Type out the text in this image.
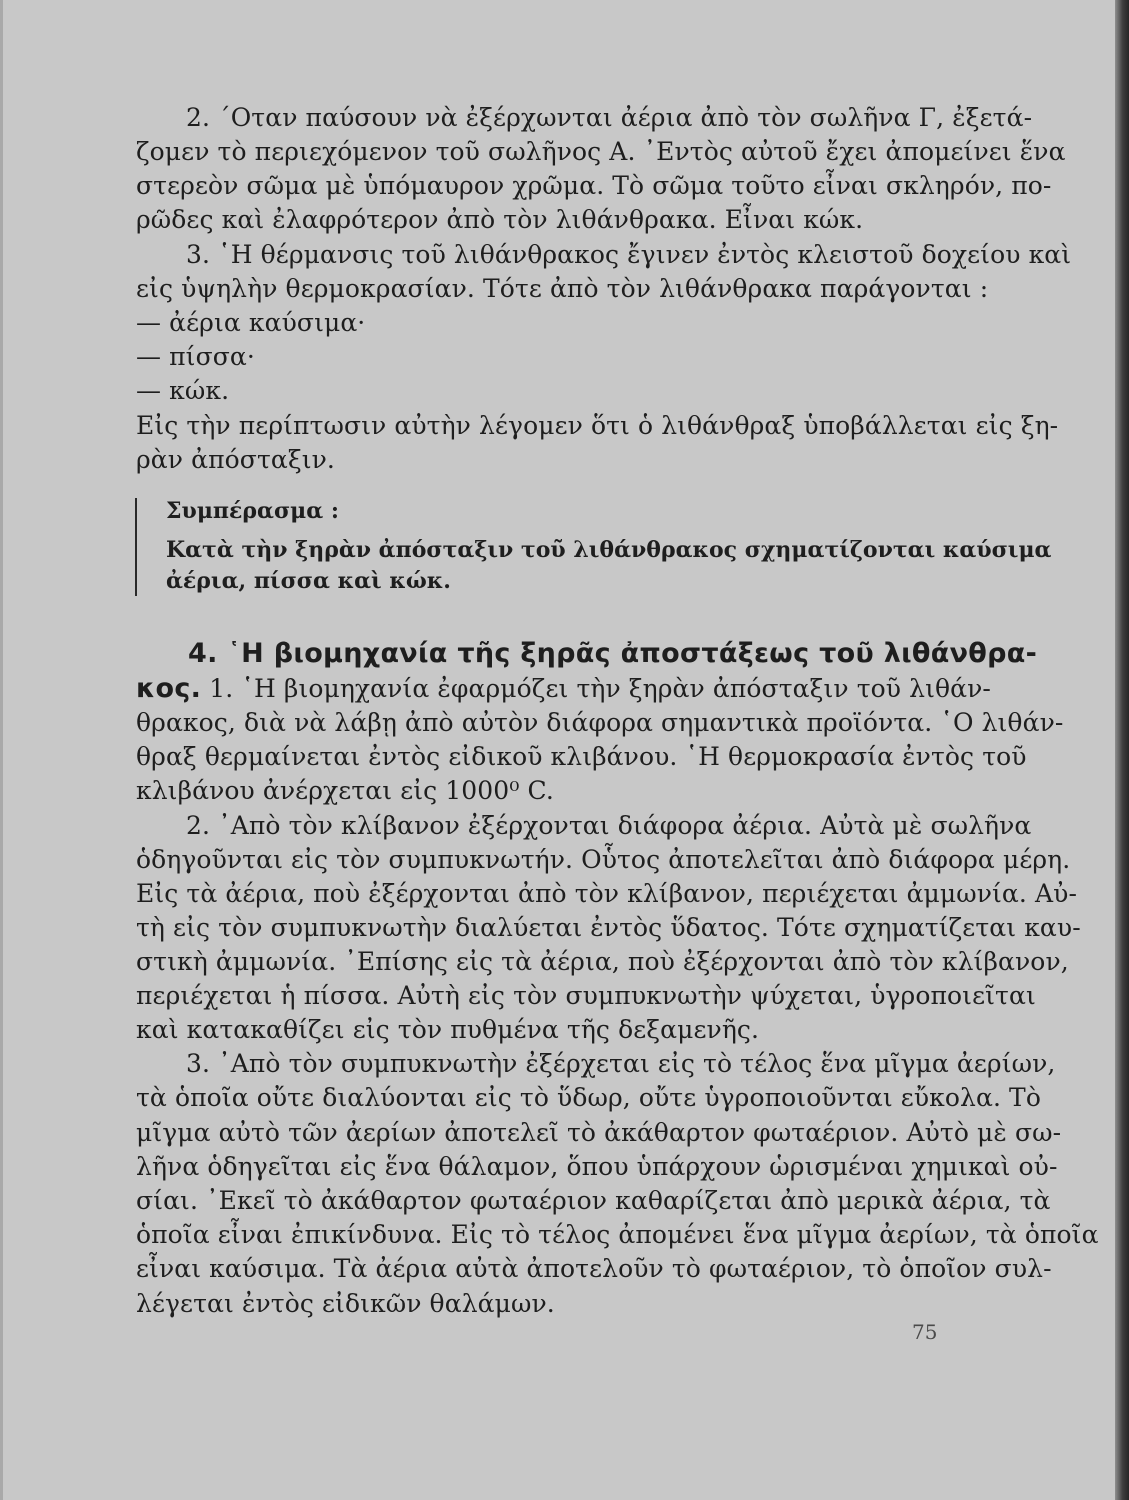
2. ΄Οταν παύσουν νὰ ἐξέρχωνται ἀέρια ἀπὸ τὸν σωλῆνα Γ, ἐξετά-
ζομεν τὸ περιεχόμενον τοῦ σωλῆνος Α. ᾽Εντὸς αὐτοῦ ἔχει ἀπομείνει ἕνα
στερεὸν σῶμα μὲ ὑπόμαυρον χρῶμα. Τὸ σῶμα τοῦτο εἶναι σκληρόν, πο-
ρῶδες καὶ ἐλαφρότερον ἀπὸ τὸν λιθάνθρακα. Εἶναι κώκ.
3. ῾Η θέρμανσις τοῦ λιθάνθρακος ἔγινεν ἐντὸς κλειστοῦ δοχείου καὶ
εἰς ὑψηλὴν θερμοκρασίαν. Τότε ἀπὸ τὸν λιθάνθρακα παράγονται :
— ἀέρια καύσιμα·
— πίσσα·
— κώκ.
Εἰς τὴν περίπτωσιν αὐτὴν λέγομεν ὅτι ὁ λιθάνθραξ ὑποβάλλεται εἰς ξη-
ρὰν ἀπόσταξιν.
Συμπέρασμα :
Κατὰ τὴν ξηρὰν ἀπόσταξιν τοῦ λιθάνθρακος σχηματίζονται καύσιμα
ἀέρια, πίσσα καὶ κώκ.
4. ῾Η βιομηχανία τῆς ξηρᾶς ἀποστάξεως τοῦ λιθάνθρα-
κος. 1. ῾Η βιομηχανία ἐφαρμόζει τὴν ξηρὰν ἀπόσταξιν τοῦ λιθάν-
θρακος, διὰ νὰ λάβῃ ἀπὸ αὐτὸν διάφορα σημαντικὰ προϊόντα. ῾Ο λιθάν-
θραξ θερμαίνεται ἐντὸς εἰδικοῦ κλιβάνου. ῾Η θερμοκρασία ἐντὸς τοῦ
κλιβάνου ἀνέρχεται εἰς 1000⁰ C.
2. ᾽Απὸ τὸν κλίβανον ἐξέρχονται διάφορα ἀέρια. Αὐτὰ μὲ σωλῆνα
ὁδηγοῦνται εἰς τὸν συμπυκνωτήν. Οὗτος ἀποτελεῖται ἀπὸ διάφορα μέρη.
Εἰς τὰ ἀέρια, ποὺ ἐξέρχονται ἀπὸ τὸν κλίβανον, περιέχεται ἀμμωνία. Αὐ-
τὴ εἰς τὸν συμπυκνωτὴν διαλύεται ἐντὸς ὕδατος. Τότε σχηματίζεται καυ-
στικὴ ἀμμωνία. ᾽Επίσης εἰς τὰ ἀέρια, ποὺ ἐξέρχονται ἀπὸ τὸν κλίβανον,
περιέχεται ἡ πίσσα. Αὐτὴ εἰς τὸν συμπυκνωτὴν ψύχεται, ὑγροποιεῖται
καὶ κατακαθίζει εἰς τὸν πυθμένα τῆς δεξαμενῆς.
3. ᾽Απὸ τὸν συμπυκνωτὴν ἐξέρχεται εἰς τὸ τέλος ἕνα μῖγμα ἀερίων,
τὰ ὁποῖα οὔτε διαλύονται εἰς τὸ ὕδωρ, οὔτε ὑγροποιοῦνται εὔκολα. Τὸ
μῖγμα αὐτὸ τῶν ἀερίων ἀποτελεῖ τὸ ἀκάθαρτον φωταέριον. Αὐτὸ μὲ σω-
λῆνα ὁδηγεῖται εἰς ἕνα θάλαμον, ὅπου ὑπάρχουν ὡρισμέναι χημικαὶ οὐ-
σίαι. ᾽Εκεῖ τὸ ἀκάθαρτον φωταέριον καθαρίζεται ἀπὸ μερικὰ ἀέρια, τὰ
ὁποῖα εἶναι ἐπικίνδυνα. Εἰς τὸ τέλος ἀπομένει ἕνα μῖγμα ἀερίων, τὰ ὁποῖα
εἶναι καύσιμα. Τὰ ἀέρια αὐτὰ ἀποτελοῦν τὸ φωταέριον, τὸ ὁποῖον συλ-
λέγεται ἐντὸς εἰδικῶν θαλάμων.
75
